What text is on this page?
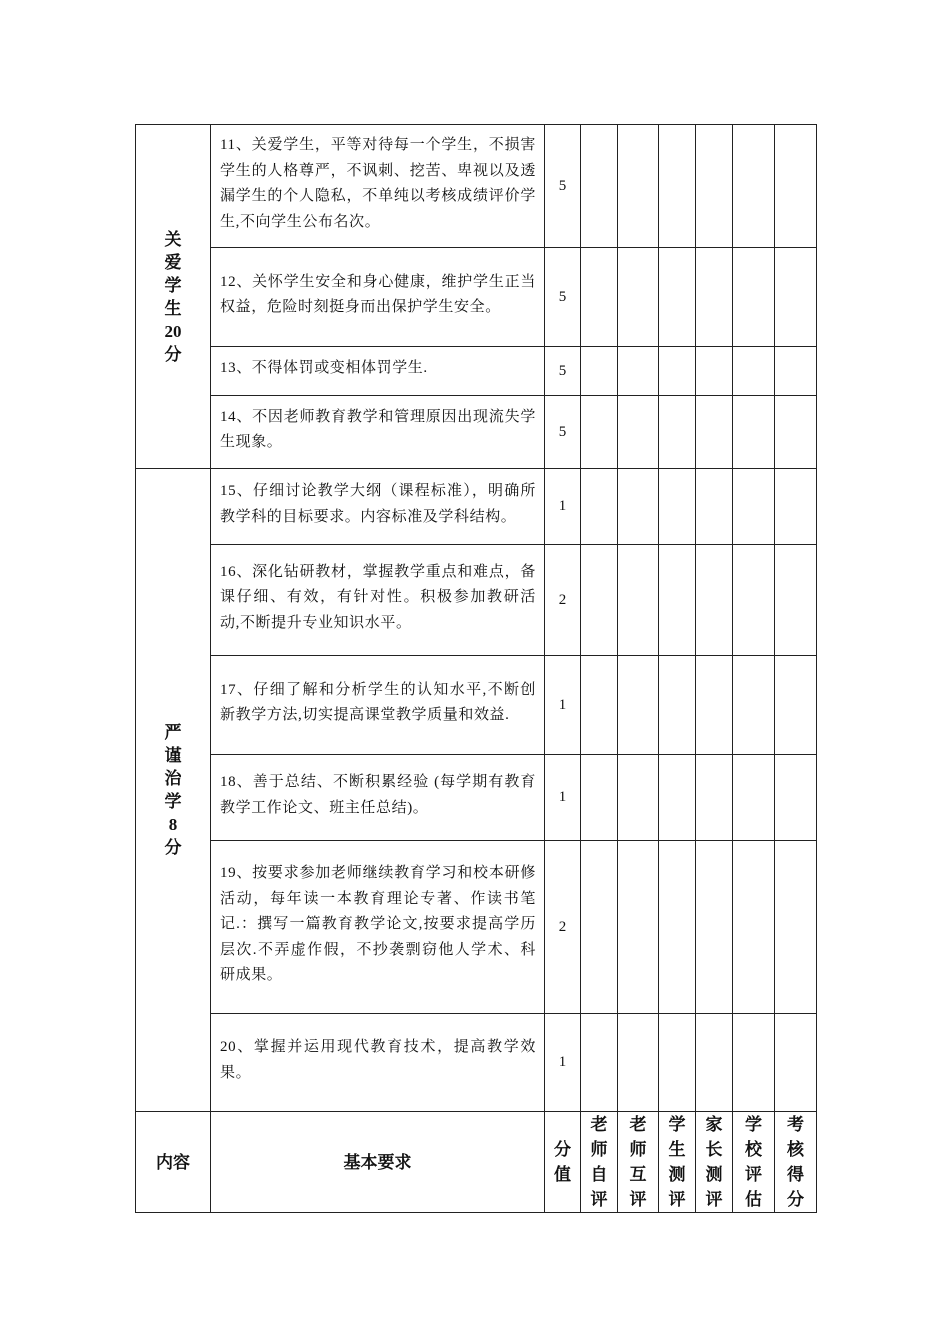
关爱学生20分	11、关爱学生，平等对待每一个学生，不损害学生的人格尊严，不讽刺、挖苦、卑视以及透漏学生的个人隐私，不单纯以考核成绩评价学生,不向学生公布名次。	5						
	12、关怀学生安全和身心健康，维护学生正当权益，危险时刻挺身而出保护学生安全。	5						
	13、不得体罚或变相体罚学生.	5						
	14、不因老师教育教学和管理原因出现流失学生现象。	5						
严谨治学8分	15、仔细讨论教学大纲（课程标准），明确所教学科的目标要求。内容标准及学科结构。	1						
	16、深化钻研教材，掌握教学重点和难点，备课仔细、有效，有针对性。积极参加教研活动,不断提升专业知识水平。	2						
	17、仔细了解和分析学生的认知水平,不断创新教学方法,切实提高课堂教学质量和效益.	1						
	18、善于总结、不断积累经验 (每学期有教育教学工作论文、班主任总结)。	1						
	19、按要求参加老师继续教育学习和校本研修活动，每年读一本教育理论专著、作读书笔记.：撰写一篇教育教学论文,按要求提高学历层次.不弄虚作假，不抄袭剽窃他人学术、科研成果。	2						
	20、掌握并运用现代教育技术，提高教学效果。	1						
内容	基本要求	分值	老师自评	老师互评	学生测评	家长测评	学校评估	考核得分
